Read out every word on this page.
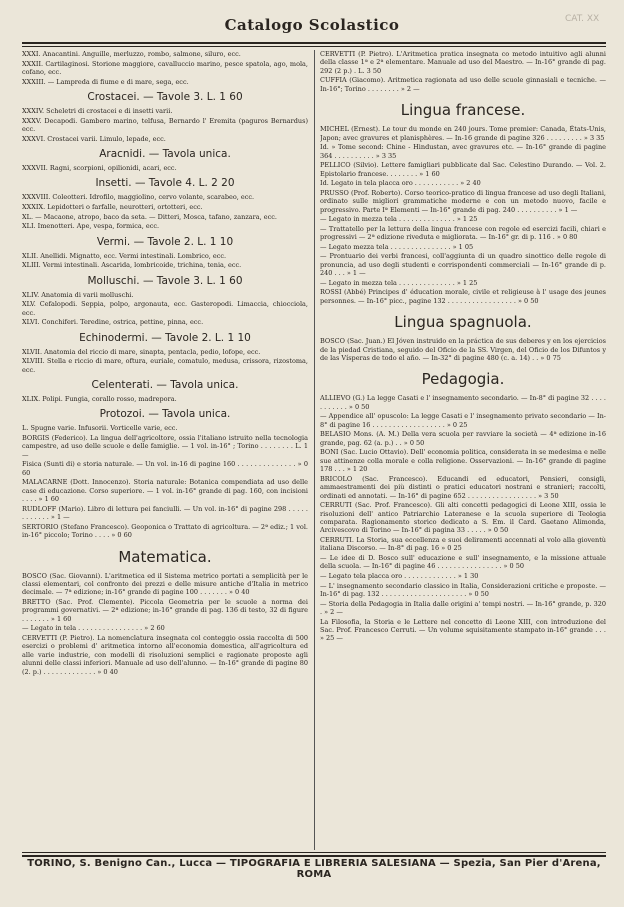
CAT. XX
Catalogo Scolastico
XXXI. Anacantini. Anguille, merluzzo, rombo, salmone, siluro, ecc.
XXXII. Cartilaginosi. Storione maggiore, cavalluccio marino, pesce spatola, ago, mola, cofano, ecc.
XXXIII. — Lampreda di fiume e di mare, sega, ecc.
Crostacei. — Tavole 3. L. 1 60
XXXIV. Scheletri di crostacei e di insetti varii.
XXXV. Decapodi. Gambero marino, telfusa, Bernardo l' Eremita (paguros Bernardus) ecc.
XXXVI. Crostacei varii. Limulo, lepade, ecc.
Aracnidi. — Tavola unica.
XXXVII. Ragni, scorpioni, opilionidi, acari, ecc.
Insetti. — Tavole 4. L. 2 20
XXXVIII. Coleotteri. Idrofilo, maggiolino, cervo volante, scarabeo, ecc.
XXXIX. Lepidotteri o farfalle, neurotteri, ortotteri, ecc.
XL. — Macaone, atropo, baco da seta. — Ditteri, Mosca, tafano, zanzara, ecc.
XLI. Imenotteri. Ape, vespa, formica, ecc.
Vermi. — Tavole 2. L. 1 10
XLII. Anellidi. Mignatto, ecc. Vermi intestinali. Lombrico, ecc.
XLIII. Vermi intestinali. Ascarida, lombricoide, trichina, tenia, ecc.
Molluschi. — Tavole 3. L. 1 60
XLIV. Anatomia di varii molluschi.
XLV. Cefalopodi. Seppia, polpo, argonauta, ecc. Gasteropodi. Limaccia, chiocciola, ecc.
XLVI. Conchiferi. Teredine, ostrica, pettine, pinna, ecc.
Echinodermi. — Tavole 2. L. 1 10
XLVII. Anatomia del riccio di mare, sinapta, pentacla, pedio, lofope, ecc.
XLVIII. Stella e riccio di mare, oftura, euriale, comatulo, medusa, crissora, rizostoma, ecc.
Celenterati. — Tavola unica.
XLIX. Polipi. Fungia, corallo rosso, madrepora.
Protozoi. — Tavola unica.
L. Spugne varie. Infusorii. Vorticelle varie, ecc.
BORGIS (Federico). La lingua dell'agricoltore, ossia l'italiano istruito nella tecnologia campestre, ad uso delle scuole e delle famiglie. — 1 vol. in-16° ; Torino . . . . . . . . L. 1 —
Fisica (Sunti di) e storia naturale. — Un vol. in-16 di pagine 160 . . . . . . . . . . . . . . » 0 60
MALACARNE (Dott. Innocenzo). Storia naturale: Botanica compendiata ad uso delle case di educazione. Corso superiore. — 1 vol. in-16° grande di pag. 160, con incisioni . . . . » 1 60
RUDLOFF (Mario). Libro di lettura pei fanciulli. — Un vol. in-16° di pagine 298 . . . . . . . . . . . . » 1 —
SERTORIO (Stefano Francesco). Geoponica o Trattato di agricoltura. — 2ª ediz.; 1 vol. in-16° piccolo; Torino . . . . » 0 60
Matematica.
BOSCO (Sac. Giovanni). L'aritmetica ed il Sistema metrico portati a semplicità per le classi elementari, col confronto dei prezzi e delle misure antiche d'Italia in metrico decimale. — 7ª edizione; in-16° grande di pagine 100 . . . . . . . » 0 40
BRETTO (Sac. Prof. Clemente). Piccola Geometria per le scuole a norma dei programmi governativi. — 2ª edizione; in-16° grande di pag. 136 di testo, 32 di figure . . . . . . . » 1 60
— Legato in tela . . . . . . . . . . . . . . . . » 2 60
CERVETTI (P. Pietro). La nomenclatura insegnata col conteggio ossia raccolta di 500 esercizi o problemi d' aritmetica intorno all'economia domestica, all'agricoltura ed alle varie industrie, con modelli di risoluzioni semplici e ragionate proposte agli alunni delle classi inferiori. Manuale ad uso dell'alunno. — In-16° grande di pagine 80 (2. p.) . . . . . . . . . . . . . » 0 40
CERVETTI (P. Pietro). L'Aritmetica pratica insegnata co metodo intuitivo agli alunni della classe 1ª e 2ª elementare. Manuale ad uso del Maestro. — In-16° grande di pag. 292 (2 p.) . L. 3 50
CUFFIA (Giacomo). Aritmetica ragionata ad uso delle scuole ginnasiali e tecniche. — In-16°; Torino . . . . . . . . » 2 —
Lingua francese.
MICHEL (Ernest). Le tour du monde en 240 jours. Tome premier: Canada, États-Unis, Japon; avec gravures et planisphères. — In-16 grande di pagine 326 . . . . . . . . . » 3 35
Id. » Tome second: Chine - Hindustan, avec gravures etc. — In-16° grande di pagine 364 . . . . . . . . . . » 3 35
PELLICO (Silvio). Lettere famigliari pubblicate dal Sac. Celestino Durando. — Vol. 2. Epistolario francese. . . . . . . . » 1 60
Id. Legato in tela placca oro . . . . . . . . . . . » 2 40
PRUSSO (Prof. Roberto). Corso teorico-pratico di lingua francese ad uso degli Italiani, ordinato sulle migliori grammatiche moderne e con un metodo nuovo, facile e progressivo. Parte Iª Elementi — In-16° grande di pag. 240 . . . . . . . . . . » 1 —
— Legato in mezza tela . . . . . . . . . . . . . . » 1 25
— Trattatello per la lettura della lingua francese con regole ed esercizi facili, chiari e progressivi — 2ª edizione riveduta e migliorata. — In-16° gr. di p. 116 . » 0 80
— Legato mezza tela . . . . . . . . . . . . . . . » 1 05
— Prontuario dei verbi francesi, coll'aggiunta di un quadro sinottico delle regole di pronuncia, ad uso degli studenti e corrispondenti commerciali — In-16° grande di p. 240 . . . » 1 —
— Legato in mezza tela . . . . . . . . . . . . . . » 1 25
ROSSI (Abbé) Principes d' éducation morale, civile et religieuse à l' usage des jeunes personnes. — In-16° picc., pagine 132 . . . . . . . . . . . . . . . . . » 0 50
Lingua spagnuola.
BOSCO (Sac. Juan.) El Jóven instruido en la práctica de sus deberes y en los ejercicios de la piedad Cristiana, seguido del Oficio de la SS. Virgen, del Oficio de los Difuntos y de las Vísperas de todo el año. — In-32° di pagine 480 (c. a. 14) . . » 0 75
Pedagogia.
ALLIEVO (G.) La legge Casati e l' insegnamento secondario. — In-8° di pagine 32 . . . . . . . . . . . » 0 50
— Appendice all' opuscolo: La legge Casati e l' insegnamento privato secondario — In-8° di pagine 16 . . . . . . . . . . . . . . . . . . » 0 25
BELASIO Mons. (A. M.) Della vera scuola per ravviare la società — 4ª edizione in-16 grande, pag. 62 (a. p.) . . » 0 50
BONI (Sac. Lucio Ottavio). Dell' economia politica, considerata in se medesima e nelle sue attinenze colla morale e colla religione. Osservazioni. — In-16° grande di pagine 178 . . . » 1 20
BRICOLO (Sac. Francesco). Educandi ed educatori, Pensieri, consigli, ammaestramenti dei più distinti o pratici educatori nostrani e stranieri; raccolti, ordinati ed annotati. — In-16° di pagine 652 . . . . . . . . . . . . . . . . . » 3 50
CERRUTI (Sac. Prof. Francesco). Gli alti concetti pedagogici di Leone XIII, ossia le risoluzioni dell' antico Patriarchio Lateranese e la scuola superiore di Teologia comparata. Ragionamento storico dedicato a S. Em. il Card. Gaetano Alimonda, Arcivescovo di Torino — In-16° di pagina 33 . . . . . » 0 50
CERRUTI. La Storia, sua eccellenza e suoi deliramenti accennati al volo alla gioventù italiana Discorso. — In-8° di pag. 16 » 0 25
— Le idee di D. Bosco sull' educazione e sull' insegnamento, e la missione attuale della scuola. — In-16° di pagine 46 . . . . . . . . . . . . . . . . » 0 50
— Legato tela placca oro . . . . . . . . . . . . . » 1 30
— L' insegnamento secondario classico in Italia, Considerazioni critiche e proposte. — In-16° di pag. 132 . . . . . . . . . . . . . . . . . . . . . » 0 50
— Storia della Pedagogia in Italia dalle origini a' tempi nostri. — In-16° grande, p. 320 . » 2 —
La Filosofia, la Storia e le Lettere nel concetto di Leone XIII, con introduzione del Sac. Prof. Francesco Cerruti. — Un volume squisitamente stampato in-16° grande . . . » 25 —
TORINO, S. Benigno Can., Lucca — TIPOGRAFIA E LIBRERIA SALESIANA — Spezia, San Pier d'Arena, ROMA
